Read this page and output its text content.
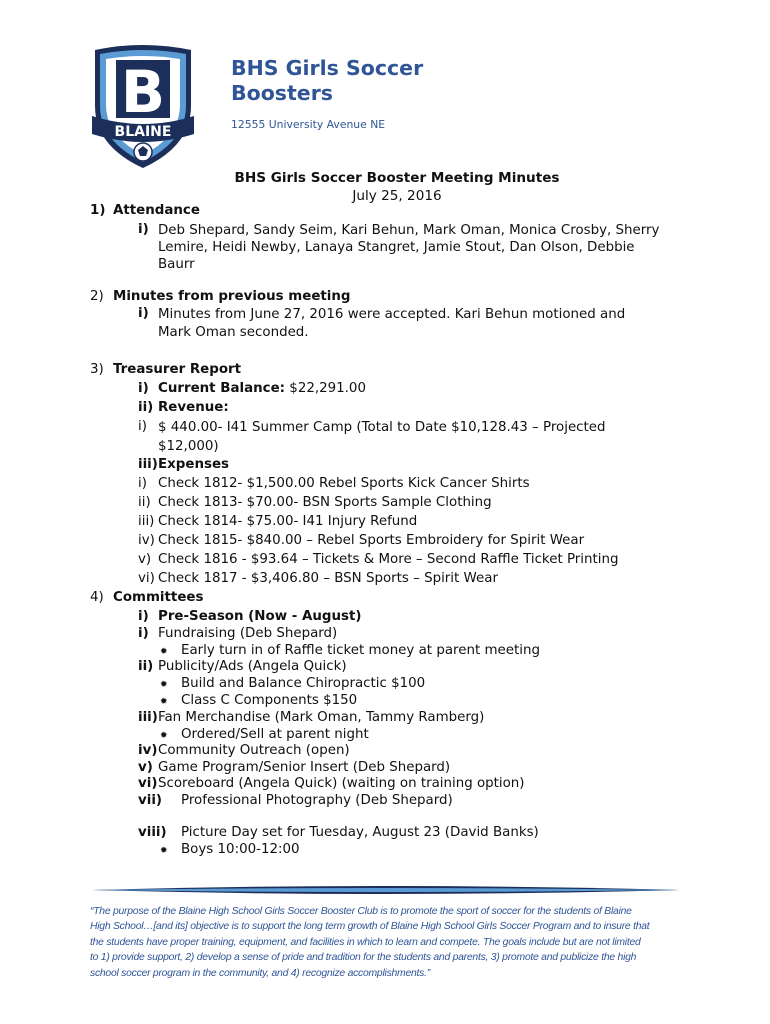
B
BLAINE
BHS Girls Soccer Boosters
12555 University Avenue NE
BHS Girls Soccer Booster Meeting Minutes
July 25, 2016
1) Attendance
i) Deb Shepard, Sandy Seim, Kari Behun, Mark Oman, Monica Crosby, Sherry
Lemire, Heidi Newby, Lanaya Stangret, Jamie Stout, Dan Olson, Debbie
Baurr
2) Minutes from previous meeting
i) Minutes from June 27, 2016 were accepted. Kari Behun motioned and
Mark Oman seconded.
3) Treasurer Report
i) Current Balance: $22,291.00
ii) Revenue:
i) $ 440.00- I41 Summer Camp (Total to Date $10,128.43 – Projected
$12,000)
iii) Expenses
i) Check 1812- $1,500.00 Rebel Sports Kick Cancer Shirts
ii) Check 1813- $70.00- BSN Sports Sample Clothing
iii) Check 1814- $75.00- I41 Injury Refund
iv) Check 1815- $840.00 – Rebel Sports Embroidery for Spirit Wear
v) Check 1816 - $93.64 – Tickets & More – Second Raffle Ticket Printing
vi) Check 1817 - $3,406.80 – BSN Sports – Spirit Wear
4) Committees
i) Pre-Season (Now - August)
i) Fundraising (Deb Shepard)
✹ Early turn in of Raffle ticket money at parent meeting
ii) Publicity/Ads (Angela Quick)
✹ Build and Balance Chiropractic $100
✹ Class C Components $150
iii) Fan Merchandise (Mark Oman, Tammy Ramberg)
✹ Ordered/Sell at parent night
iv) Community Outreach (open)
v) Game Program/Senior Insert (Deb Shepard)
vi) Scoreboard (Angela Quick) (waiting on training option)
vii) Professional Photography (Deb Shepard)
viii) Picture Day set for Tuesday, August 23 (David Banks)
✹ Boys 10:00-12:00
“The purpose of the Blaine High School Girls Soccer Booster Club is to promote the sport of soccer for the students of Blaine
High School…[and its] objective is to support the long term growth of Blaine High School Girls Soccer Program and to insure that
the students have proper training, equipment, and facilities in which to learn and compete. The goals include but are not limited
to 1) provide support, 2) develop a sense of pride and tradition for the students and parents, 3) promote and publicize the high
school soccer program in the community, and 4) recognize accomplishments.”
